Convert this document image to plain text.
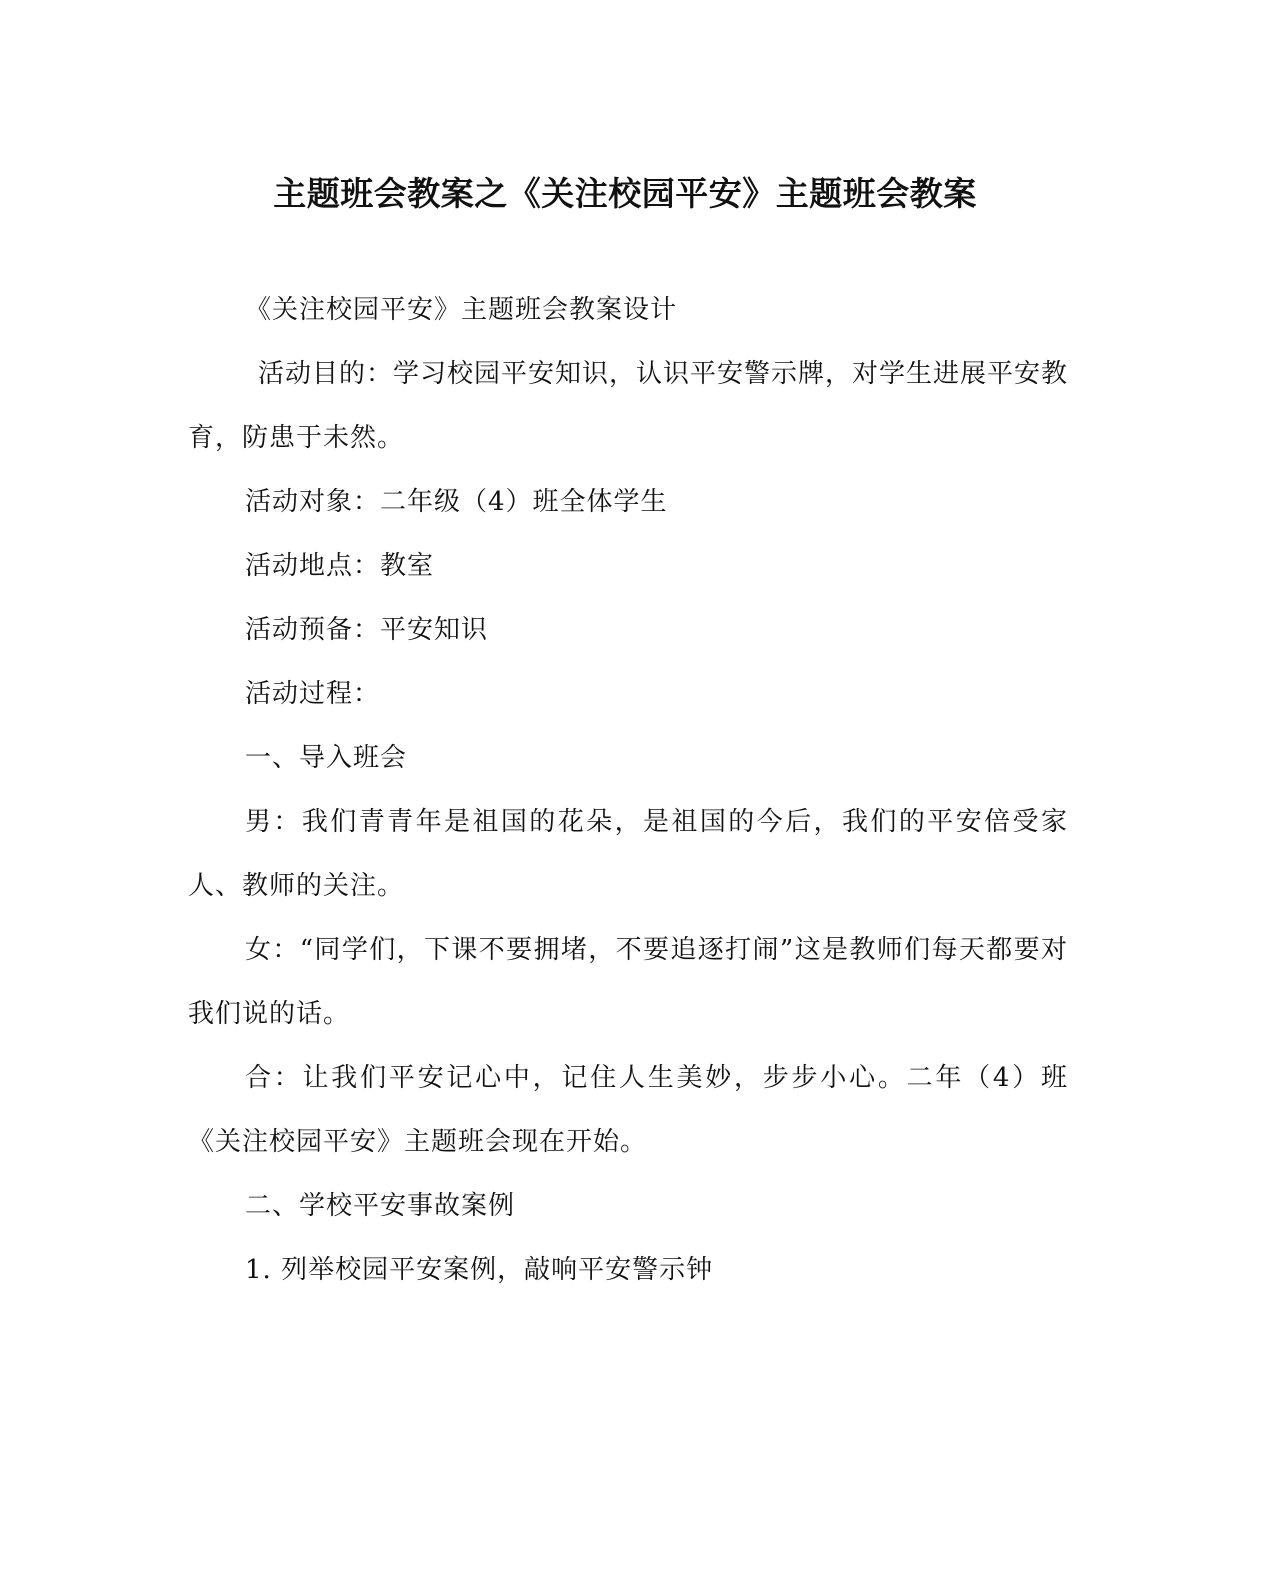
主题班会教案之《关注校园平安》主题班会教案

《关注校园平安》主题班会教案设计

活动目的：学习校园平安知识，认识平安警示牌，对学生进展平安教育，防患于未然。

活动对象：二年级（4）班全体学生

活动地点：教室

活动预备：平安知识

活动过程：

一、导入班会

男：我们青青年是祖国的花朵，是祖国的今后，我们的平安倍受家人、教师的关注。

女：“同学们，下课不要拥堵，不要追逐打闹”这是教师们每天都要对我们说的话。

合：让我们平安记心中，记住人生美妙，步步小心。二年（4）班《关注校园平安》主题班会现在开始。

二、学校平安事故案例

1. 列举校园平安案例，敲响平安警示钟
